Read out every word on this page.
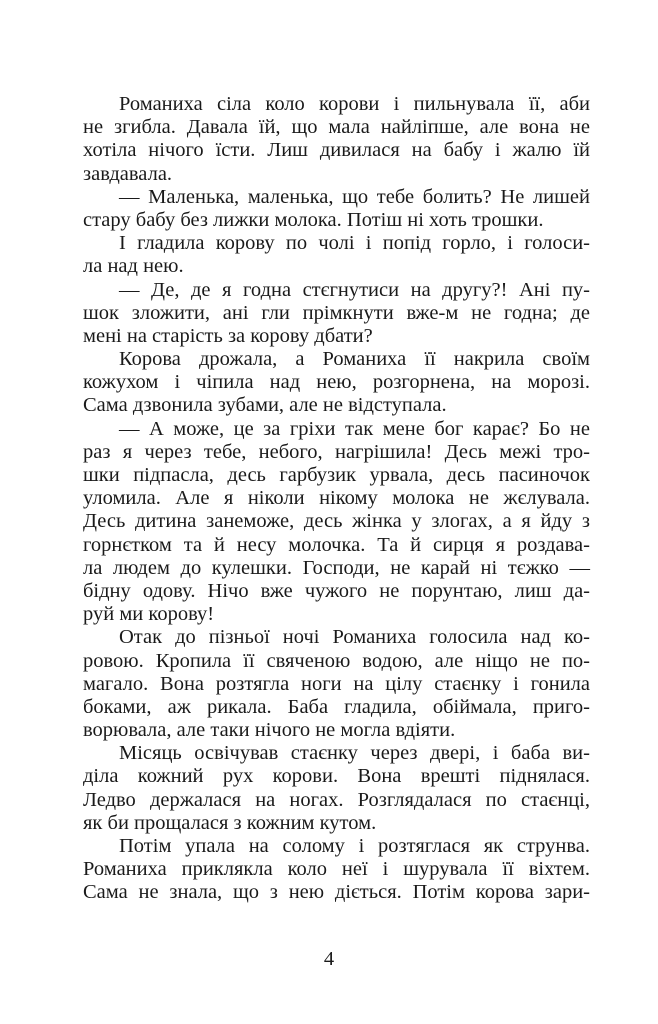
Романиха сіла коло корови і пильнувала її, аби
не згибла. Давала їй, що мала найліпше, але вона не
хотіла нічого їсти. Лиш дивилася на бабу і жалю їй
завдавала.

— Маленька, маленька, що тебе болить? Не лишей
стару бабу без лижки молока. Потіш ні хоть трошки.

І гладила корову по чолі і попід горло, і голоси-
ла над нею.

— Де, де я годна стєгнутиси на другу?! Ані пу-
шок зложити, ані гли прімкнути вже-м не годна; де
мені на старість за корову дбати?

Корова дрожала, а Романиха її накрила своїм
кожухом і чіпила над нею, розгорнена, на морозі.
Сама дзвонила зубами, але не відступала.

— А може, це за гріхи так мене бог карає? Бо не
раз я через тебе, небого, нагрішила! Десь межі тро-
шки підпасла, десь гарбузик урвала, десь пасиночок
уломила. Але я ніколи нікому молока не жєлувала.
Десь дитина занеможе, десь жінка у злогах, а я йду з
горнєтком та й несу молочка. Та й сирця я роздава-
ла людем до кулешки. Господи, не карай ні тєжко —
бідну одову. Нічо вже чужого не порунтаю, лиш да-
руй ми корову!

Отак до пізньої ночі Романиха голосила над ко-
ровою. Кропила її свяченою водою, але ніщо не по-
магало. Вона розтягла ноги на цілу стаєнку і гонила
боками, аж рикала. Баба гладила, обіймала, приго-
ворювала, але таки нічого не могла вдіяти.

Місяць освічував стаєнку через двері, і баба ви-
діла кожний рух корови. Вона врешті піднялася.
Ледво держалася на ногах. Розглядалася по стаєнці,
як би прощалася з кожним кутом.

Потім упала на солому і розтяглася як струнва.
Романиха приклякла коло неї і шурувала її віхтем.
Сама не знала, що з нею діється. Потім корова зари-

4
